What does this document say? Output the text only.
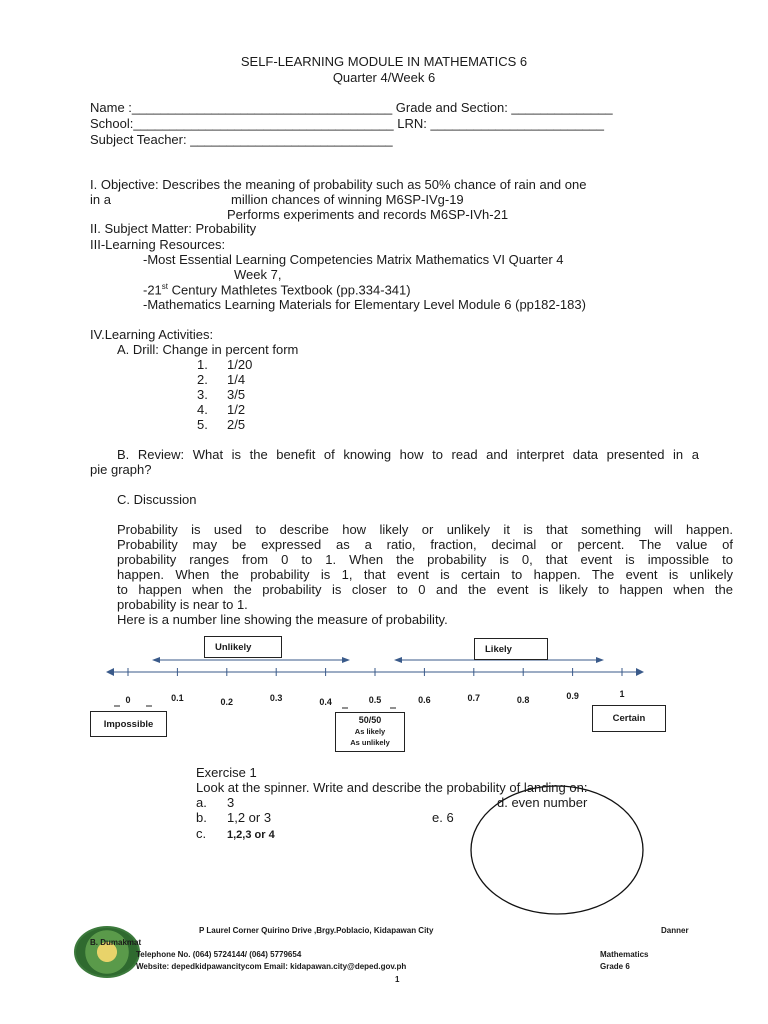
SELF-LEARNING MODULE IN MATHEMATICS 6
Quarter 4/Week 6
Name :____________________________________ Grade and Section: ______________
School:____________________________________ LRN: ________________________
Subject Teacher: ____________________________
I. Objective: Describes the meaning of probability such as 50% chance of rain and one
in a	million chances of winning M6SP-IVg-19
Performs experiments and records M6SP-IVh-21
II. Subject Matter: Probability
III-Learning Resources:
-Most Essential Learning Competencies Matrix Mathematics VI Quarter 4
Week 7,
-21st Century Mathletes Textbook (pp.334-341)
-Mathematics Learning Materials for Elementary Level Module 6 (pp182-183)
IV.Learning Activities:
A. Drill: Change in percent form
1. 1/20
2. 1/4
3. 3/5
4. 1/2
5. 2/5
B. Review: What is the benefit of knowing how to read and interpret data presented in a
pie graph?
C. Discussion
Probability is used to describe how likely or unlikely it is that something will happen.
Probability may be expressed as a ratio, fraction, decimal or percent. The value of
probability ranges from 0 to 1. When the probability is 0, that event is impossible to
happen. When the probability is 1, that event is certain to happen. The event is unlikely
to happen when the probability is closer to 0 and the event is likely to happen when the
probability is near to 1.
Here is a number line showing the measure of probability.
Unlikely	Likely
0	0.1	0.2	0.3	0.4	0.5	0.6	0.7	0.8	0.9	1
Impossible	Certain
50/50
As likely
As unlikely
Exercise 1
Look at the spinner. Write and describe the probability of landing on:
a. 3
b. 1,2 or 3
c. 1,2,3 or 4
d. even number
e. 6
P Laurel Corner Quirino Drive ,Brgy.Poblacio, Kidapawan City	Danner
B. Dumakmat
Telephone No. (064) 5724144/ (064) 5779654	Mathematics
Website: depedkidpawancitycom Email: kidapawan.city@deped.gov.ph	Grade 6
1
